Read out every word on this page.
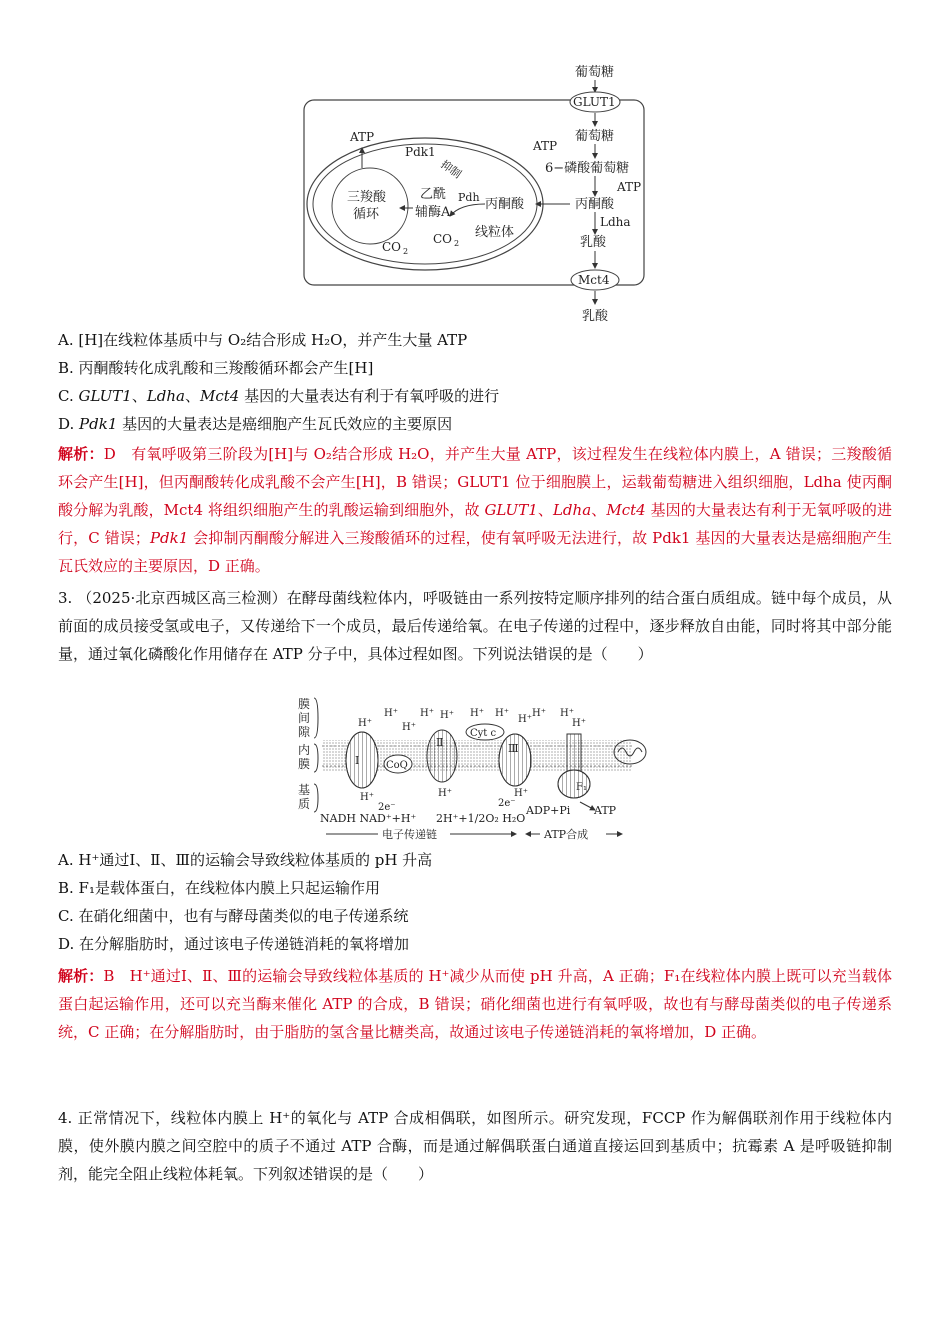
葡萄糖
GLUT1
葡萄糖
ATP
6−磷酸葡萄糖
ATP
丙酮酸
Ldha
乳酸
Mct4
乳酸
丙酮酸
Pdh
Pdk1
抑制
乙酰
辅酶A
三羧酸
循环
ATP
CO 2
CO 2
线粒体
A. [H]在线粒体基质中与 O₂结合形成 H₂O，并产生大量 ATP
B. 丙酮酸转化成乳酸和三羧酸循环都会产生[H]
C. GLUT1、Ldha、Mct4 基因的大量表达有利于有氧呼吸的进行
D. Pdk1 基因的大量表达是癌细胞产生瓦氏效应的主要原因
解析：D　有氧呼吸第三阶段为[H]与 O₂结合形成 H₂O，并产生大量 ATP，该过程发生在线粒体内膜上，A 错误；三羧酸循环会产生[H]，但丙酮酸转化成乳酸不会产生[H]，B 错误；GLUT1 位于细胞膜上，运载葡萄糖进入组织细胞，Ldha 使丙酮酸分解为乳酸，Mct4 将组织细胞产生的乳酸运输到细胞外，故 GLUT1、Ldha、Mct4 基因的大量表达有利于无氧呼吸的进行，C 错误；Pdk1 会抑制丙酮酸分解进入三羧酸循环的过程，使有氧呼吸无法进行，故 Pdk1 基因的大量表达是癌细胞产生瓦氏效应的主要原因，D 正确。
3. （2025·北京西城区高三检测）在酵母菌线粒体内，呼吸链由一系列按特定顺序排列的结合蛋白质组成。链中每个成员，从前面的成员接受氢或电子，又传递给下一个成员，最后传递给氧。在电子传递的过程中，逐步释放自由能，同时将其中部分能量，通过氧化磷酸化作用储存在 ATP 分子中，具体过程如图。下列说法错误的是（　　）
膜
间
隙
内
膜
基
质
Ⅰ	CoQ
Ⅱ
Cyt c
Ⅲ
F₁
H⁺
H⁺
H⁺
H⁺ H⁺ H⁺ H⁺
H⁺
H⁺ H⁺
H⁺
H⁺	H⁺	H⁺
2e⁻	2e⁻
NADH NAD⁺+H⁺ 2H⁺+1/2O₂ H₂O
ADP+Pi ATP
电子传递链	ATP合成
A. H⁺通过Ⅰ、Ⅱ、Ⅲ的运输会导致线粒体基质的 pH 升高
B. F₁是载体蛋白，在线粒体内膜上只起运输作用
C. 在硝化细菌中，也有与酵母菌类似的电子传递系统
D. 在分解脂肪时，通过该电子传递链消耗的氧将增加
解析：B　H⁺通过Ⅰ、Ⅱ、Ⅲ的运输会导致线粒体基质的 H⁺减少从而使 pH 升高，A 正确；F₁在线粒体内膜上既可以充当载体蛋白起运输作用，还可以充当酶来催化 ATP 的合成，B 错误；硝化细菌也进行有氧呼吸，故也有与酵母菌类似的电子传递系统，C 正确；在分解脂肪时，由于脂肪的氢含量比糖类高，故通过该电子传递链消耗的氧将增加，D 正确。
4. 正常情况下，线粒体内膜上 H⁺的氧化与 ATP 合成相偶联，如图所示。研究发现，FCCP 作为解偶联剂作用于线粒体内膜，使外膜内膜之间空腔中的质子不通过 ATP 合酶，而是通过解偶联蛋白通道直接运回到基质中；抗霉素 A 是呼吸链抑制剂，能完全阻止线粒体耗氧。下列叙述错误的是（　　）
